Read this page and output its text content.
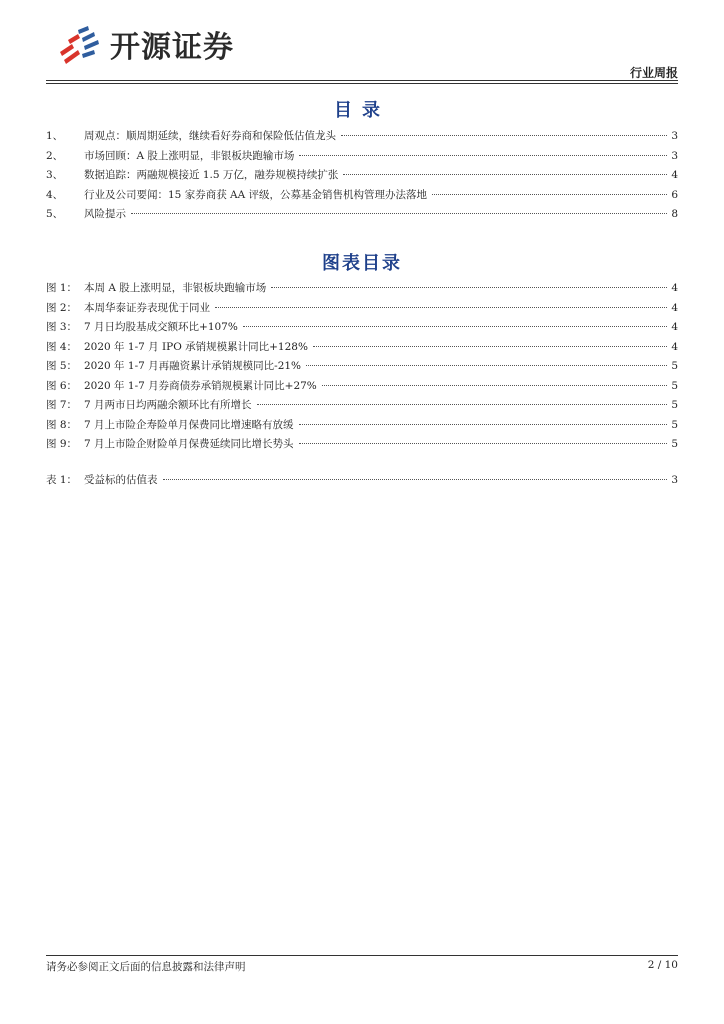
开源证券
行业周报
目录
1、	周观点：顺周期延续，继续看好券商和保险低估值龙头	3
2、	市场回顾：A 股上涨明显，非银板块跑输市场	3
3、	数据追踪：两融规模接近 1.5 万亿，融券规模持续扩张	4
4、	行业及公司要闻：15 家券商获 AA 评级，公募基金销售机构管理办法落地	6
5、	风险提示	8
图表目录
图 1： 本周 A 股上涨明显，非银板块跑输市场	4
图 2： 本周华泰证券表现优于同业	4
图 3： 7 月日均股基成交额环比+107%	4
图 4： 2020 年 1-7 月 IPO 承销规模累计同比+128%	4
图 5： 2020 年 1-7 月再融资累计承销规模同比-21%	5
图 6： 2020 年 1-7 月券商债券承销规模累计同比+27%	5
图 7： 7 月两市日均两融余额环比有所增长	5
图 8： 7 月上市险企寿险单月保费同比增速略有放缓	5
图 9： 7 月上市险企财险单月保费延续同比增长势头	5
表 1： 受益标的估值表	3
请务必参阅正文后面的信息披露和法律声明	2 / 10
